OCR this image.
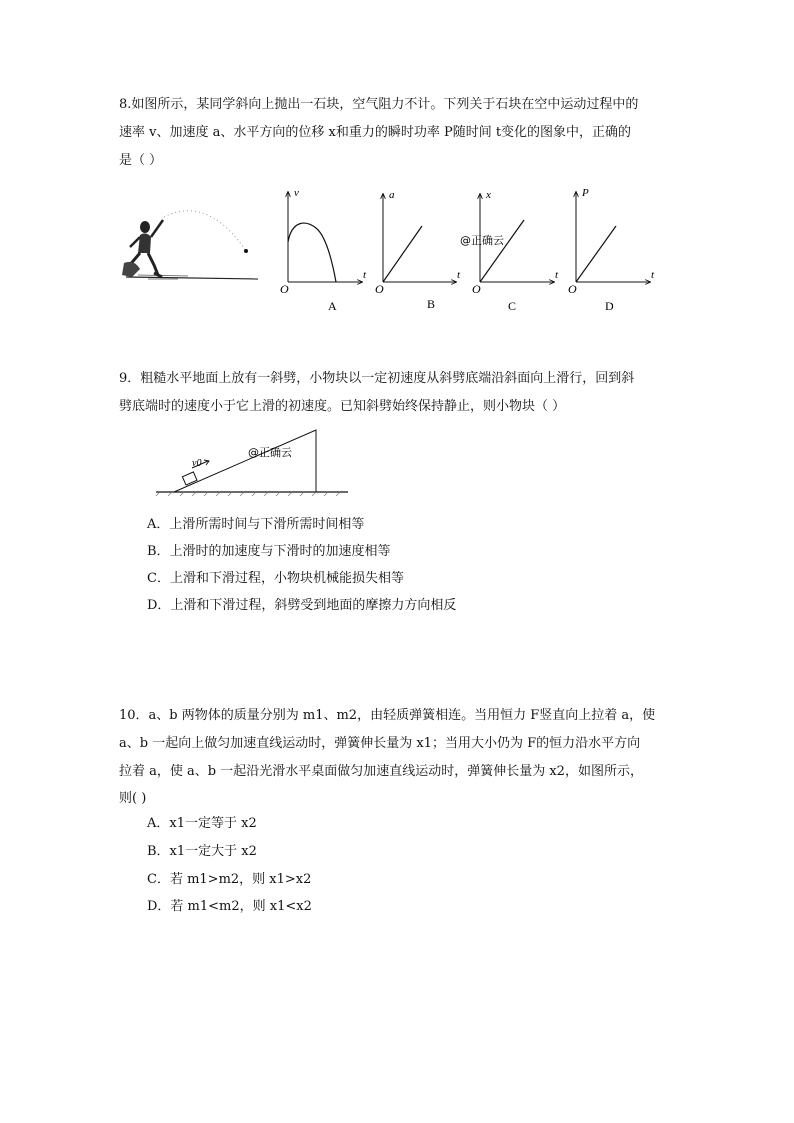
8.如图所示，某同学斜向上抛出一石块，空气阻力不计。下列关于石块在空中运动过程中的
速率 v、加速度 a、水平方向的位移 x和重力的瞬时功率 P随时间 t变化的图象中，正确的
是（ ）
v
t
O
A
a
t
O
B
x
t
O
C
@正确云
P
t
O
D
9．粗糙水平地面上放有一斜劈，小物块以一定初速度从斜劈底端沿斜面向上滑行，回到斜
劈底端时的速度小于它上滑的初速度。已知斜劈始终保持静止，则小物块（ ）
v0
@正确云
A．上滑所需时间与下滑所需时间相等
B．上滑时的加速度与下滑时的加速度相等
C．上滑和下滑过程，小物块机械能损失相等
D．上滑和下滑过程，斜劈受到地面的摩擦力方向相反
10．a、b 两物体的质量分别为 m1、m2，由轻质弹簧相连。当用恒力 F竖直向上拉着 a，使
a、b 一起向上做匀加速直线运动时，弹簧伸长量为 x1；当用大小仍为 F的恒力沿水平方向
拉着 a，使 a、b 一起沿光滑水平桌面做匀加速直线运动时，弹簧伸长量为 x2，如图所示，
则( )
A．x1一定等于 x2
B．x1一定大于 x2
C．若 m1>m2，则 x1>x2
D．若 m1<m2，则 x1<x2
